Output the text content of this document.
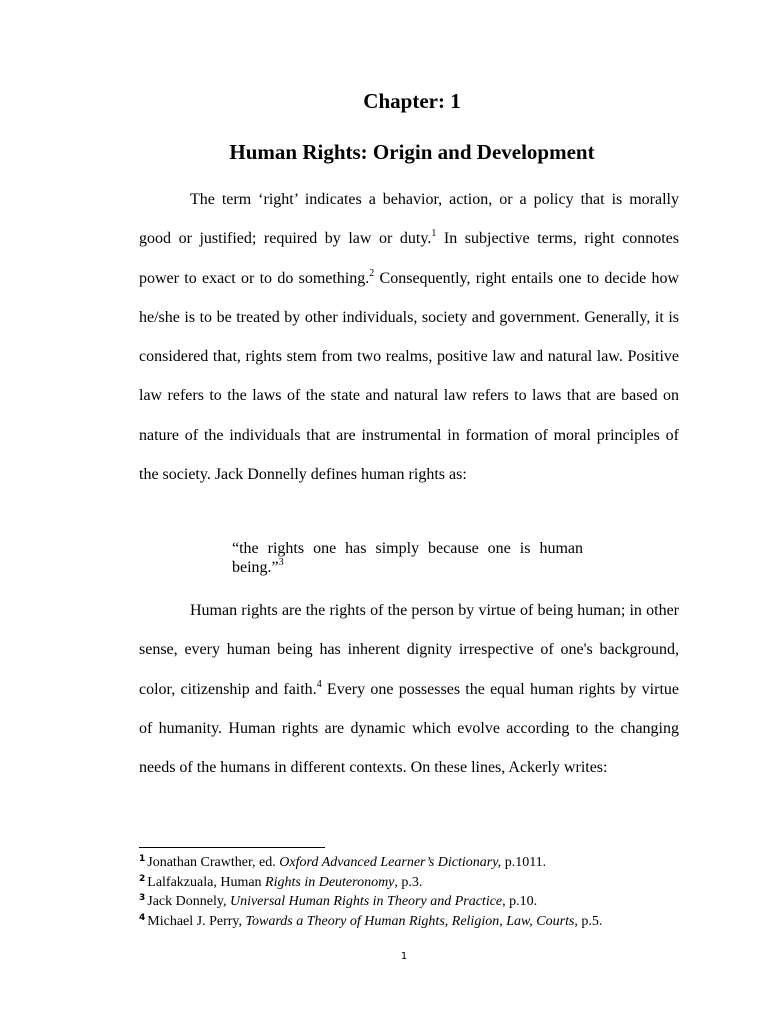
Chapter: 1
Human Rights: Origin and Development

The term ‘right’ indicates a behavior, action, or a policy that is morally good or justified; required by law or duty.$^1$ In subjective terms, right connotes power to exact or to do something.$^2$ Consequently, right entails one to decide how he/she is to be treated by other individuals, society and government. Generally, it is considered that, rights stem from two realms, positive law and natural law. Positive law refers to the laws of the state and natural law refers to laws that are based on nature of the individuals that are instrumental in formation of moral principles of the society. Jack Donnelly defines human rights as:

“the rights one has simply because one is human being.”$^3$

Human rights are the rights of the person by virtue of being human; in other sense, every human being has inherent dignity irrespective of one's background, color, citizenship and faith.$^4$ Every one possesses the equal human rights by virtue of humanity. Human rights are dynamic which evolve according to the changing needs of the humans in different contexts. On these lines, Ackerly writes:

$^1$ Jonathan Crawther, ed. Oxford Advanced Learner’s Dictionary, p.1011.
$^2$ Lalfakzuala, Human Rights in Deuteronomy, p.3.
$^3$ Jack Donnely, Universal Human Rights in Theory and Practice, p.10.
$^4$ Michael J. Perry, Towards a Theory of Human Rights, Religion, Law, Courts, p.5.
1
